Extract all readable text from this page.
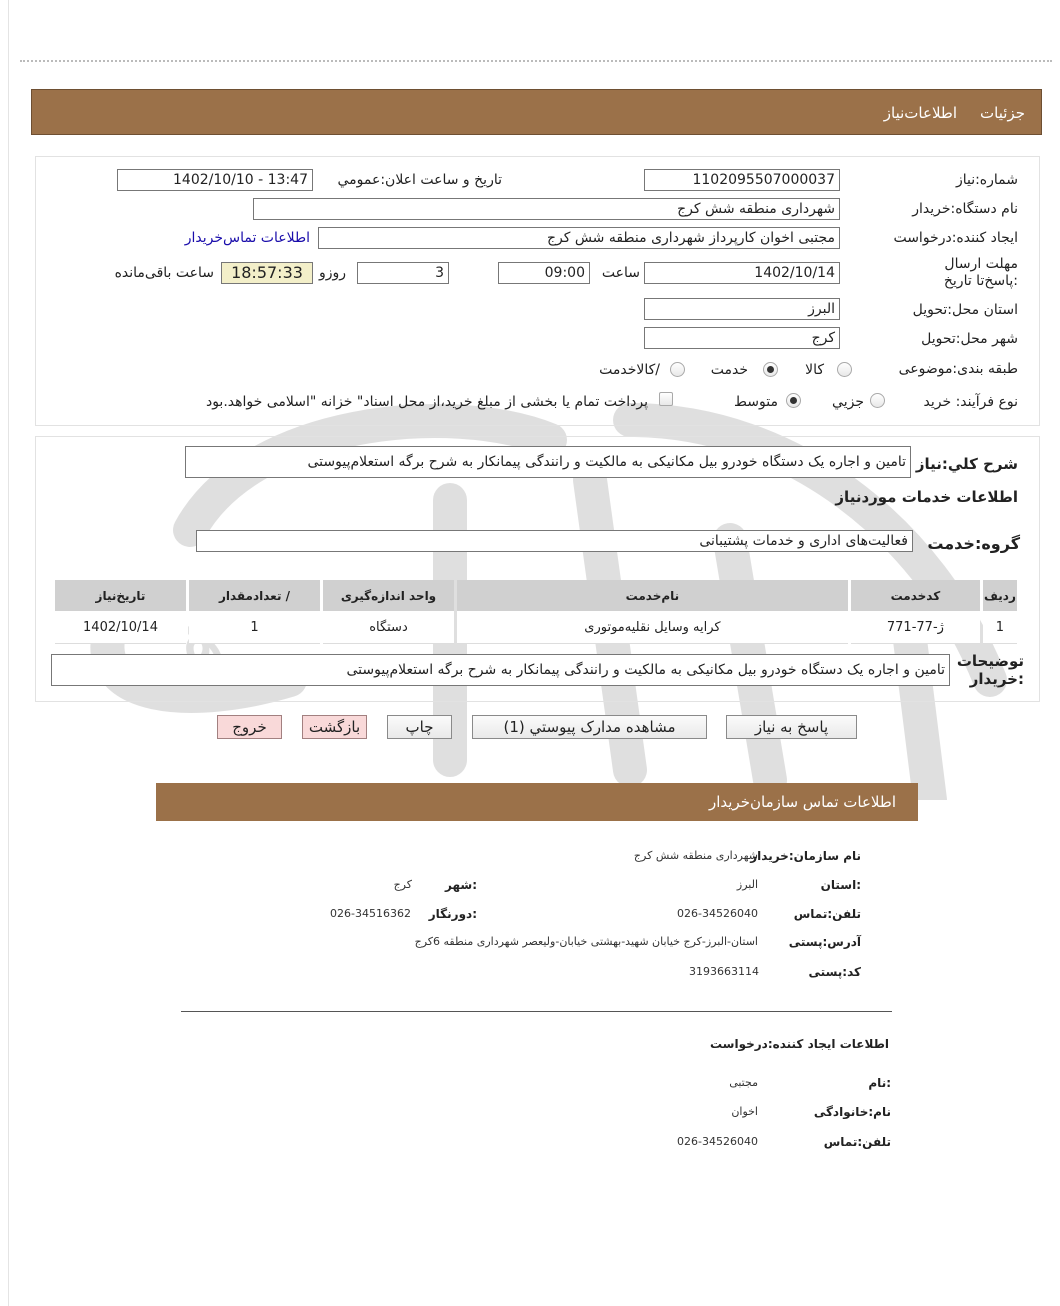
جزئیات
اطلاعات‌نیاز
شماره:نیاز
1102095507000037
تاریخ و ساعت اعلان:عمومي
1402/10/10 - 13:47
نام دستگاه:خریدار
شهرداری منطقه شش کرج
ایجاد کننده:درخواست
مجتبی اخوان کارپرداز شهرداری منطقه شش کرج
اطلاعات تماس‌خریدار
مهلت ارسال :پاسخ‌تا تاریخ
1402/10/14
ساعت
09:00
3
روزو
18:57:33
ساعت باقی‌مانده
استان محل:تحویل
البرز
شهر محل:تحویل
کرج
طبقه بندی:موضوعی
کالا
خدمت
/کالاخدمت
نوع فرآیند: خرید
جزيي
متوسط
پرداخت تمام یا بخشی از مبلغ خرید،از محل اسناد" خزانه "اسلامی خواهد.بود
شرح کلي:نیاز
تامین و اجاره یک دستگاه خودرو بیل مکانیکی به مالکیت و رانندگی پیمانکار به شرح برگه استعلام‌پیوستی
اطلاعات خدمات موردنیاز
گروه:خدمت
فعالیت‌های اداری و خدمات پشتیبانی
ردیف	کدخدمت	نام‌خدمت	واحد اندازه‌گیری	/ تعدادمقدار	تاریخ‌نیاز
1	ژ-77-771	کرایه وسایل نقلیه‌موتوری	دستگاه	1	1402/10/14
توضیحات :خریدار
تامین و اجاره یک دستگاه خودرو بیل مکانیکی به مالکیت و رانندگی پیمانکار به شرح برگه استعلام‌پیوستی
پاسخ به نیاز
مشاهده مدارک پیوستي (1)
چاپ
بازگشت
خروج
اطلاعات تماس سازمان‌خریدار
نام سازمان:خریدار
شهرداری منطقه شش کرج
:استان
البرز
:شهر
کرج
تلفن:تماس
026-34526040
:دورنگار
026-34516362
آدرس:پستی
استان-البرز-کرج خیابان شهید-بهشتی خیابان-ولیعصر شهرداری منطقه 6کرج
کد:پستی
3193663114
اطلاعات ایجاد کننده:درخواست
:نام
مجتبی
نام:خانوادگی
اخوان
تلفن:تماس
026-34526040
